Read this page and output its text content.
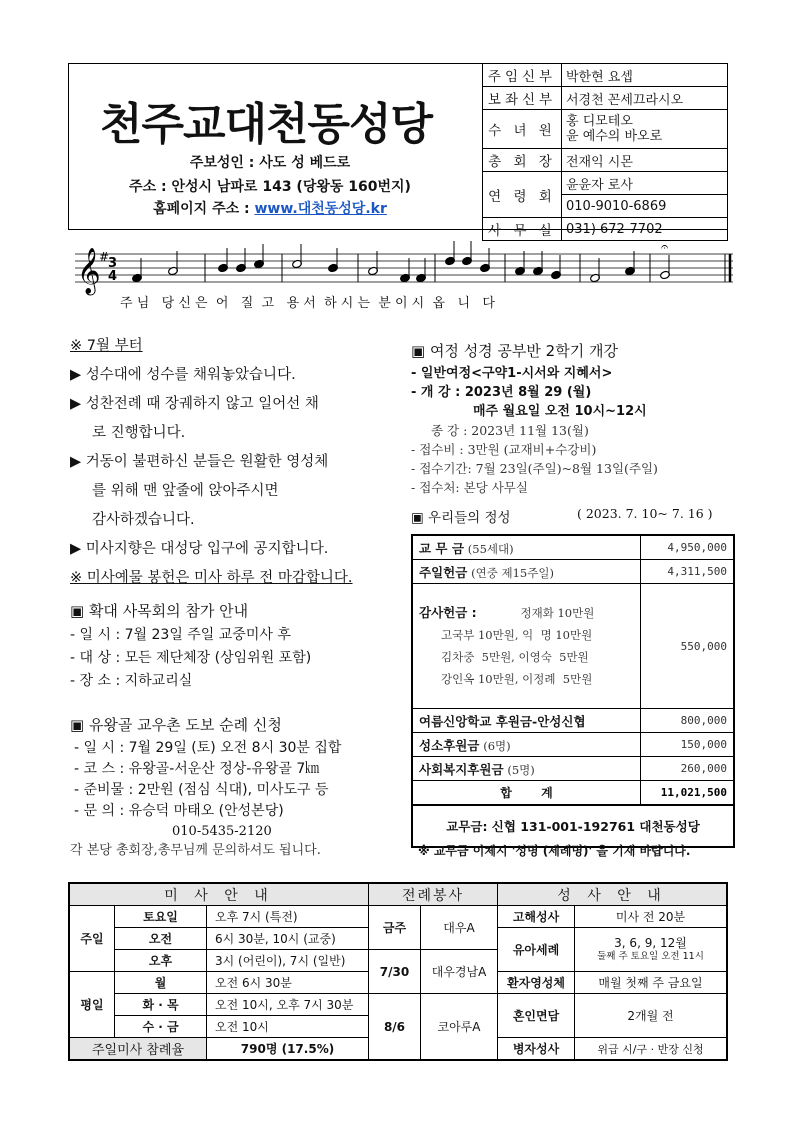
천주교대천동성당
주보성인 : 사도 성 베드로
주소 : 안성시 남파로 143 (당왕동 160번지)
홈페이지 주소 : www.대천동성당.kr
주임신부	박한현 요셉
보좌신부	서경천 꼰세끄라시오
수 녀 원	홍 디모테오
윤 예수의 바오로

총 회 장	전재익 시몬
연 령 회	윤윤자 로사
	010-9010-6869
사 무 실	031) 672-7702
𝄞
#
3
4
𝄐
주 님   당 신 은  어   질  고   용 서  하 시 는  분 이 시  옵   니   다
※ 7월 부터
▶ 성수대에 성수를 채워놓았습니다.
▶ 성찬전례 때 장궤하지 않고 일어선 채
로 진행합니다.
▶ 거동이 불편하신 분들은 원활한 영성체
를 위해 맨 앞줄에 앉아주시면
감사하겠습니다.
▶ 미사지향은 대성당 입구에 공지합니다.
※ 미사예물 봉헌은 미사 하루 전 마감합니다.
▣ 확대 사목회의 참가 안내
- 일 시 : 7월 23일 주일 교중미사 후
- 대 상 : 모든 제단체장 (상임위원 포함)
- 장 소 : 지하교리실
▣ 유왕골 교우촌 도보 순례 신청
- 일 시 : 7월 29일 (토) 오전 8시 30분 집합
- 코 스 : 유왕골-서운산 정상-유왕골 7㎞
- 준비물 : 2만원 (점심 식대), 미사도구 등
- 문 의 : 유승덕 마태오 (안성본당)
010-5435-2120
각 본당 총회장,총무님께 문의하셔도 됩니다.
▣ 여정 성경 공부반 2학기 개강
- 일반여정<구약1-시서와 지혜서>
- 개 강 : 2023년 8월 29 (월)
매주 월요일 오전 10시~12시
종 강 : 2023년 11월 13(월)
- 접수비 : 3만원 (교재비+수강비)
- 접수기간: 7월 23일(주일)~8월 13일(주일)
- 접수처: 본당 사무실
▣ 우리들의 정성	( 2023. 7. 10~ 7. 16 )
교 무 금 (55세대)	4,950,000
주일헌금 (연중 제15주일)	4,311,500

감사헌금 : 정재화 10만원
고국부 10만원, 익  명 10만원
김차중  5만원, 이영숙  5만원
강인옥 10만원, 이정례  5만원	550,000
여름신앙학교 후원금-안성신협	800,000
성소후원금 (6명)	150,000
사회복지후원금 (5명)	260,000
합       계	11,021,500
교무금: 신협 131-001-192761 대천동성당	
※ 교무금 이체시 '성명 (세례명)' 을 기재 바랍니다.
미 사 안 내			전례봉사		성 사 안 내	
주일	토요일	오후 7시 (특전)	금주	대우A	고해성사	미사 전 20분
	오전	6시 30분, 10시 (교중)			유아세례	3, 6, 9, 12월
둘째 주 토요일 오전 11시

	오후	3시 (어린이), 7시 (일반)	7/30	대우경남A		
평일	월	오전 6시 30분			환자영성체	매월 첫째 주 금요일
	화 · 목	오전 10시, 오후 7시 30분	8/6	코아루A	혼인면담	2개월 전
	수 · 금	오전 10시				
주일미사 참례율		790명 (17.5%)			병자성사	위급 시/구 · 반장 신청
